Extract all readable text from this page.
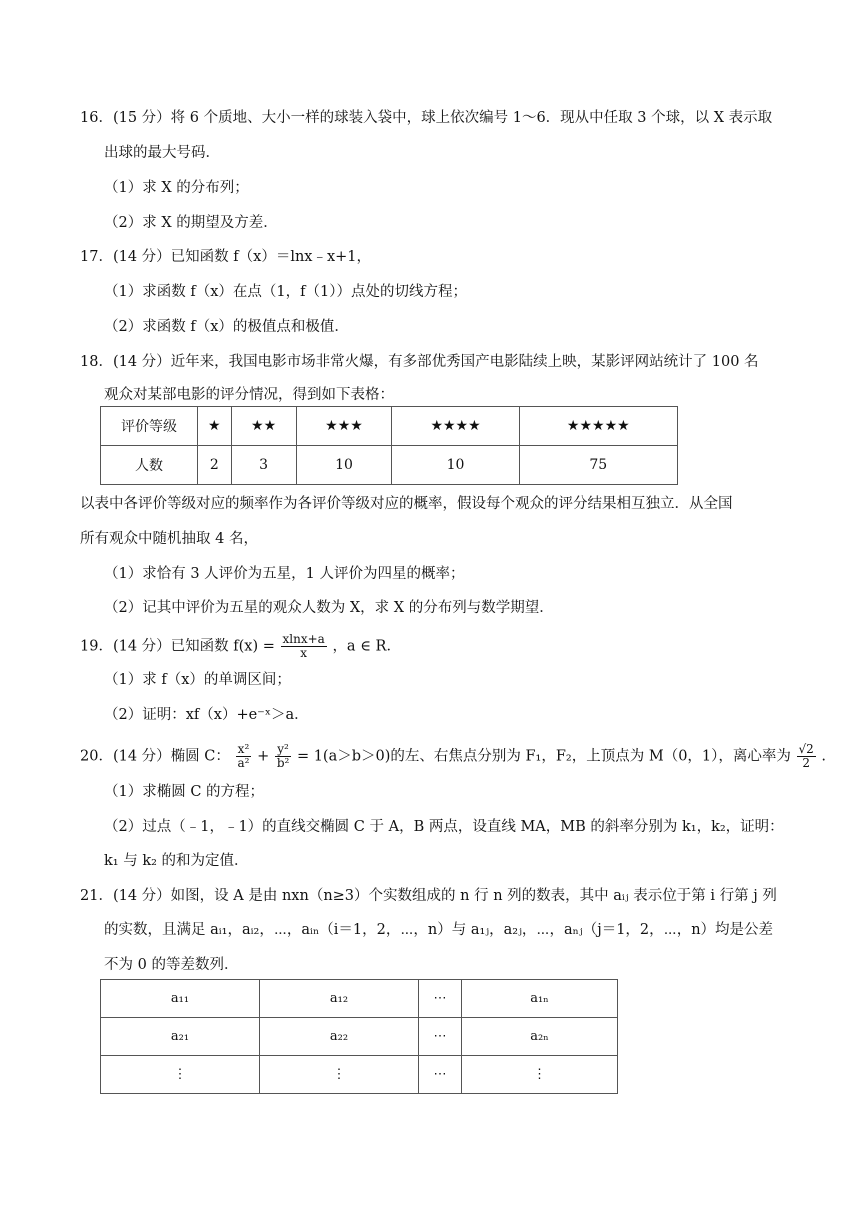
16．(15 分）将 6 个质地、大小一样的球装入袋中，球上依次编号 1～6．现从中任取 3 个球，以 X 表示取
出球的最大号码．
（1）求 X 的分布列；
（2）求 X 的期望及方差．
17．(14 分）已知函数 f（x）＝lnx﹣x+1，
（1）求函数 f（x）在点（1，f（1））点处的切线方程；
（2）求函数 f（x）的极值点和极值．
18．(14 分）近年来，我国电影市场非常火爆，有多部优秀国产电影陆续上映，某影评网站统计了 100 名
观众对某部电影的评分情况，得到如下表格：
评价等级	★	★★	★★★	★★★★	★★★★★
人数	2	3	10	10	75
以表中各评价等级对应的频率作为各评价等级对应的概率，假设每个观众的评分结果相互独立．从全国
所有观众中随机抽取 4 名，
（1）求恰有 3 人评价为五星，1 人评价为四星的概率；
（2）记其中评价为五星的观众人数为 X，求 X 的分布列与数学期望．
19．(14 分）已知函数 $f(x) = \frac{xlnx+a}{x}$ ，a ∈ R．
（1）求 f（x）的单调区间；
（2）证明：xf（x）+e⁻ˣ＞a．
20．(14 分）椭圆 C： $\frac{\text{x²}}{\text{a²}} + \frac{\text{y²}}{\text{b²}} = 1(a>b>0)$的左、右焦点分别为 F₁，F₂，上顶点为 M（0，1），离心率为 $\frac{√2}{2}$ .
（1）求椭圆 C 的方程；
（2）过点（﹣1，﹣1）的直线交椭圆 C 于 A，B 两点，设直线 MA，MB 的斜率分别为 k₁，k₂，证明：
k₁ 与 k₂ 的和为定值．
21．(14 分）如图，设 A 是由 nxn（n≥3）个实数组成的 n 行 n 列的数表，其中 aᵢⱼ 表示位于第 i 行第 j 列
的实数，且满足 aᵢ₁，aᵢ₂，⋯，aᵢₙ（i＝1，2，⋯，n）与 a₁ⱼ，a₂ⱼ，⋯，aₙⱼ（j＝1，2，⋯，n）均是公差
不为 0 的等差数列．
a₁₁	a₁₂	⋯	a₁ₙ
a₂₁	a₂₂	⋯	a₂ₙ
⋮	⋮	⋯	⋮
